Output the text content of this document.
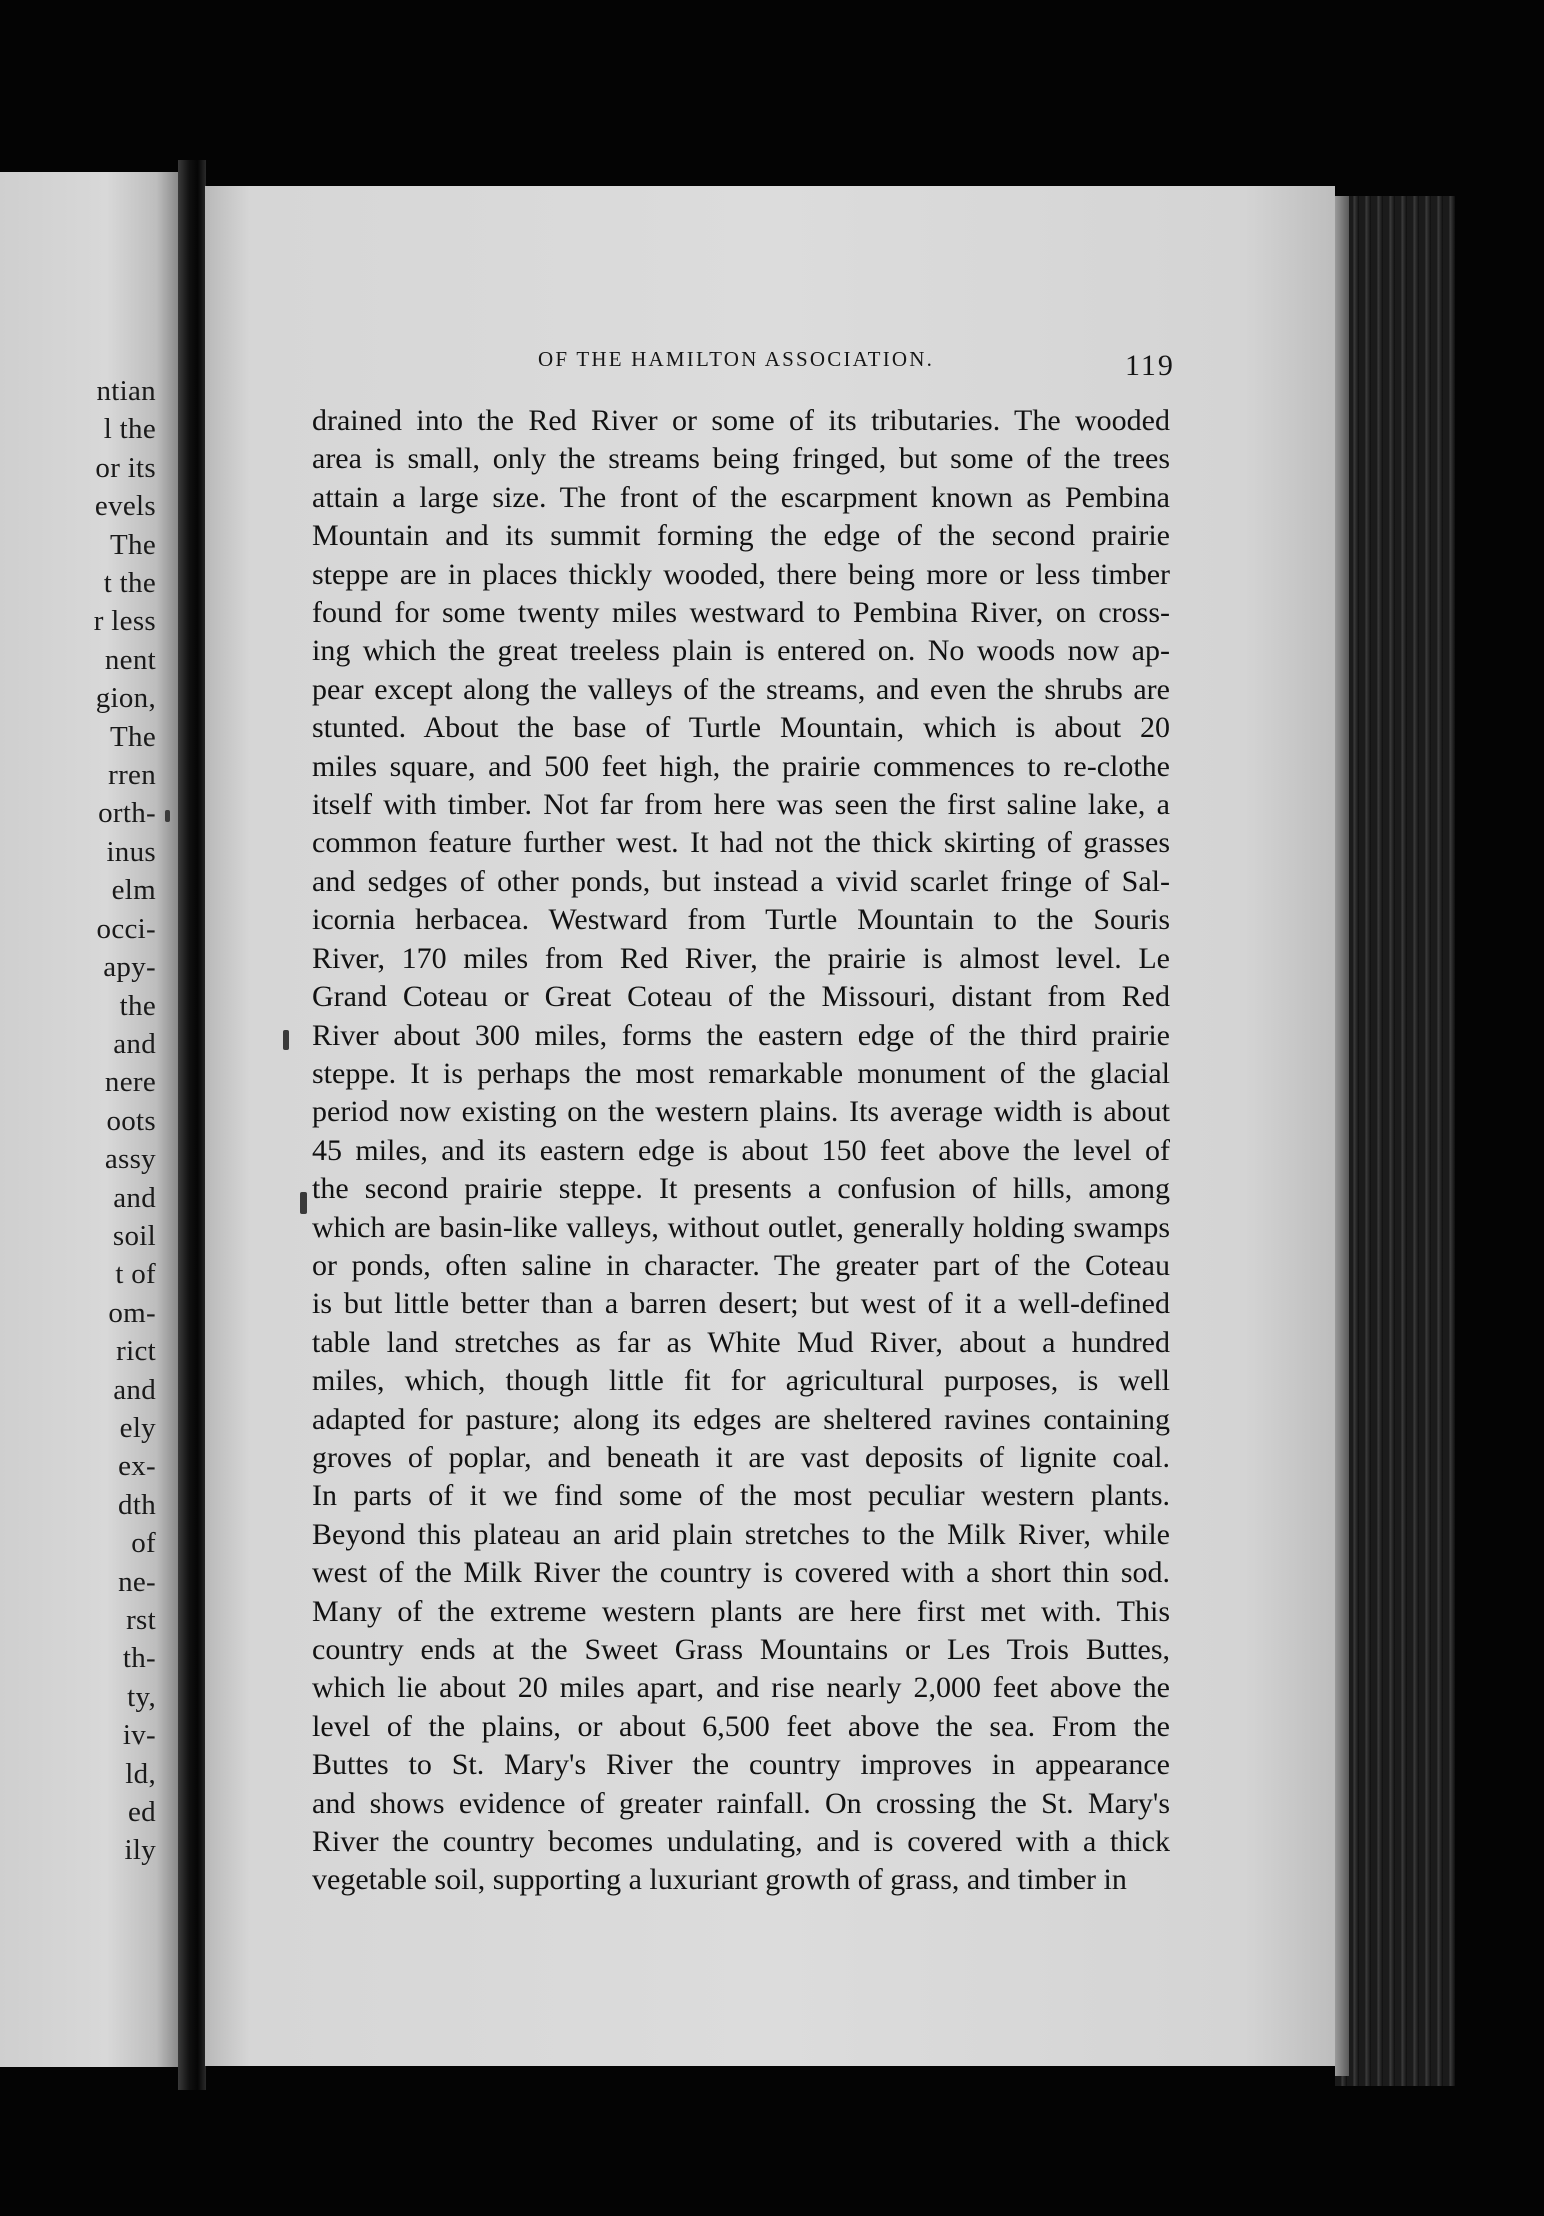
ntian
l the
or its
evels
The
t the
r less
nent
gion,
The
rren
orth-
inus
elm
occi-
apy-
the
and
nere
oots
assy
and
soil
t of
om-
rict
and
ely
ex-
dth
of
ne-
rst
th-
ty,
iv-
ld,
ed
ily
OF THE HAMILTON ASSOCIATION.	119
drained into the Red River or some of its tributaries. The wooded
area is small, only the streams being fringed, but some of the trees
attain a large size. The front of the escarpment known as Pembina
Mountain and its summit forming the edge of the second prairie
steppe are in places thickly wooded, there being more or less timber
found for some twenty miles westward to Pembina River, on cross-
ing which the great treeless plain is entered on. No woods now ap-
pear except along the valleys of the streams, and even the shrubs are
stunted. About the base of Turtle Mountain, which is about 20
miles square, and 500 feet high, the prairie commences to re-clothe
itself with timber. Not far from here was seen the first saline lake, a
common feature further west. It had not the thick skirting of grasses
and sedges of other ponds, but instead a vivid scarlet fringe of Sal-
icornia herbacea. Westward from Turtle Mountain to the Souris
River, 170 miles from Red River, the prairie is almost level. Le
Grand Coteau or Great Coteau of the Missouri, distant from Red
River about 300 miles, forms the eastern edge of the third prairie
steppe. It is perhaps the most remarkable monument of the glacial
period now existing on the western plains. Its average width is about
45 miles, and its eastern edge is about 150 feet above the level of
the second prairie steppe. It presents a confusion of hills, among
which are basin-like valleys, without outlet, generally holding swamps
or ponds, often saline in character. The greater part of the Coteau
is but little better than a barren desert; but west of it a well-defined
table land stretches as far as White Mud River, about a hundred
miles, which, though little fit for agricultural purposes, is well
adapted for pasture; along its edges are sheltered ravines containing
groves of poplar, and beneath it are vast deposits of lignite coal.
In parts of it we find some of the most peculiar western plants.
Beyond this plateau an arid plain stretches to the Milk River, while
west of the Milk River the country is covered with a short thin sod.
Many of the extreme western plants are here first met with. This
country ends at the Sweet Grass Mountains or Les Trois Buttes,
which lie about 20 miles apart, and rise nearly 2,000 feet above the
level of the plains, or about 6,500 feet above the sea. From the
Buttes to St. Mary's River the country improves in appearance
and shows evidence of greater rainfall. On crossing the St. Mary's
River the country becomes undulating, and is covered with a thick
vegetable soil, supporting a luxuriant growth of grass, and timber in
